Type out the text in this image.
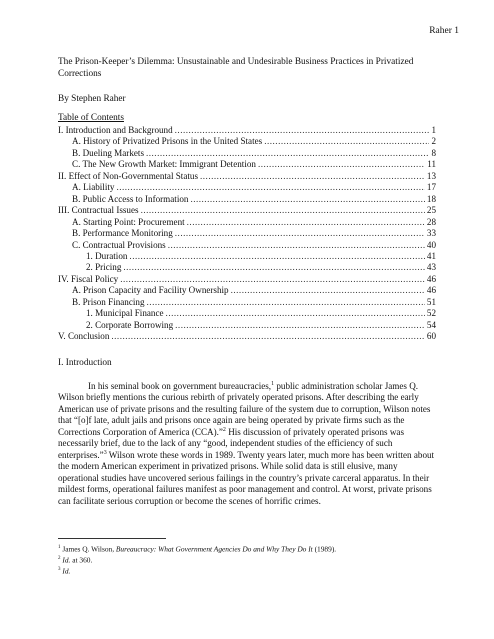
Raher 1
The Prison-Keeper’s Dilemma: Unsustainable and Undesirable Business Practices in Privatized Corrections
By Stephen Raher
Table of Contents
I. Introduction and Background .....	1
A. History of Privatized Prisons in the United States .....	2
B. Dueling Markets .....	8
C. The New Growth Market: Immigrant Detention .....	11
II. Effect of Non-Governmental Status .....	13
A. Liability .....	17
B. Public Access to Information .....	18
III. Contractual Issues .....	25
A. Starting Point: Procurement .....	28
B. Performance Monitoring .....	33
C. Contractual Provisions .....	40
1. Duration .....	41
2. Pricing .....	43
IV. Fiscal Policy .....	46
A. Prison Capacity and Facility Ownership .....	46
B. Prison Financing .....	51
1. Municipal Finance .....	52
2. Corporate Borrowing .....	54
V. Conclusion .....	60
I. Introduction

In his seminal book on government bureaucracies,$^1$ public administration scholar James Q. Wilson briefly mentions the curious rebirth of privately operated prisons. After describing the early American use of private prisons and the resulting failure of the system due to corruption, Wilson notes that “[o]f late, adult jails and prisons once again are being operated by private firms such as the Corrections Corporation of America (CCA).”$^2$ His discussion of privately operated prisons was necessarily brief, due to the lack of any “good, independent studies of the efficiency of such enterprises.”$^3$ Wilson wrote these words in 1989. Twenty years later, much more has been written about the modern American experiment in privatized prisons. While solid data is still elusive, many operational studies have uncovered serious failings in the country’s private carceral apparatus. In their mildest forms, operational failures manifest as poor management and control. At worst, private prisons can facilitate serious corruption or become the scenes of horrific crimes.

$^1$ James Q. Wilson, Bureaucracy: What Government Agencies Do and Why They Do It (1989).
$^2$ Id. at 360.
$^3$ Id.
